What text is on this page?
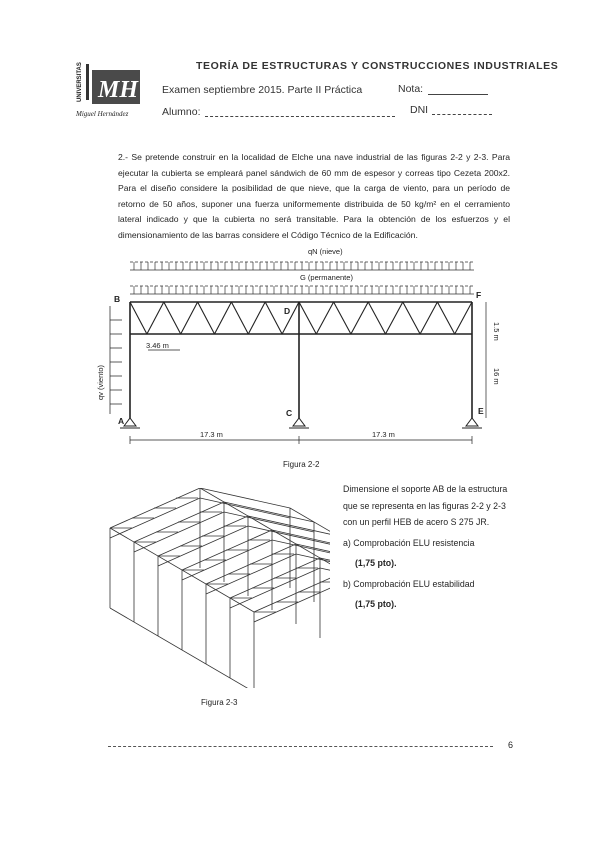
UNIVERSITAS MH
Miguel Hernández
TEORÍA DE ESTRUCTURAS Y CONSTRUCCIONES INDUSTRIALES
Examen septiembre 2015. Parte II Práctica	Nota:
Alumno:	DNI
2.- Se pretende construir en la localidad de Elche una nave industrial de las figuras 2-2 y 2-3. Para ejecutar la cubierta se empleará panel sándwich de 60 mm de espesor y correas tipo Cezeta 200x2. Para el diseño considere la posibilidad de que nieve, que la carga de viento, para un período de retorno de 50 años, suponer una fuerza uniformemente distribuida de 50 kg/m² en el cerramiento lateral indicado y que la cubierta no será transitable. Para la obtención de los esfuerzos y el dimensionamiento de las barras considere el Código Técnico de la Edificación.
qN (nieve)
G (permanente)
qv (viento)
B
A
D
C
F
E
3.46 m
1.5 m
16 m
17.3 m	17.3 m
Figura 2-2
Figura 2-3
Dimensione el soporte AB de la estructura que se representa en las figuras 2-2 y 2-3 con un perfil HEB de acero S 275 JR.
a) Comprobación ELU resistencia
(1,75 pto).
b) Comprobación ELU estabilidad
(1,75 pto).
6
